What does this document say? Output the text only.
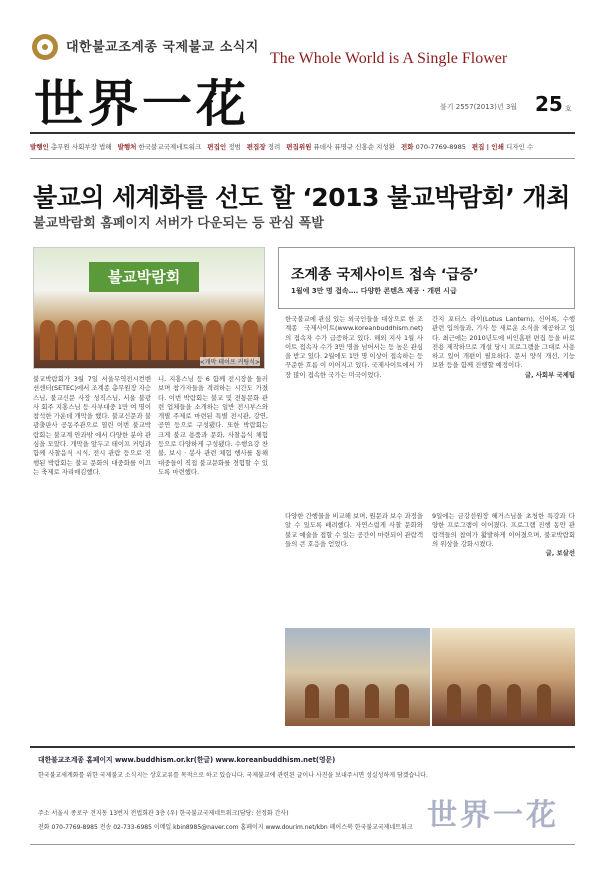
대한불교조계종 국제불교 소식지
世界一花
The Whole World is A Single Flower
불기 2557(2013)년 3월 25 호
발행인 총무원 사회부장 법해 발행처 한국불교국제네트워크 편집인 정범 편집장 정려 편집위원 퓨데사 퓨명규 신홍순 지성환 전화 070-7769-8985 편집 | 인쇄 디자인 수
불교의 세계화를 선도 할 ‘2013 불교박람회’ 개최
불교박람회 홈페이지 서버가 다운되는 등 관심 폭발
불교박람회
<개막 테이프 커팅식>
조계종 국제사이트 접속 ‘급증’
1월에 3만 명 접속…. 다양한 콘텐츠 제공 · 개편 시급

불교박람회가 3월 7일 서울무역전시컨벤션센터(SETEC)에서 조계종 총무원장 자승스님, 불교신문 사장 성직스님, 서울 불광사 회주 지홍스님 등 사부대중 1만 여 명이 참석한 가운데 개막을 했다. 불교신문과 불광출판사 공동주관으로 열린 이번 불교박람회는 불교계 안과밖 에서 다양한 분야 관심을 모았다. 개막을 앞두고 테이프 커팅과 함께 사찰음식 시식, 전시 관람 등으로 진행된 박람회는 불교 문화의 대중화를 이끄는 축제로 자리매김했다.

니, 지홍스님 등 6 함께 전시장을 둘러보며 참가자들을 격려하는 시간도 가졌다. 이번 박람회는 불교 및 전통문화 관련 업체들을 소개하는 일반 전시부스와 개별 주제로 마련된 특별 전시관, 강연, 공연 등으로 구성됐다. 또한 박람회는 크게 불교 용품과 문화, 사찰음식 체험 등으로 다양하게 구성됐다. 수행요강 찬불, 보시 · 봉사 관련 체험 행사를 통해 대중들이 직접 불교문화를 경험할 수 있도록 마련했다.

한국불교에 관심 있는 외국인들을 대상으로 한 조계종 국제사이트(www.koreanbuddhism.net)의 접속자 수가 급증하고 있다. 해외 지사 1월 사이트 접속자 수가 3만 명을 넘어서는 등 높은 관심을 받고 있다. 2월에도 1만 명 이상이 접속하는 등 꾸준한 흐름 이 이어지고 있다. 국제사이트에서 가장 많이 접속한 국가는 미국이었다.

간지 포터스 라이(Lotus Lantern), 신어록, 수행 관련 입의들과, 기사 등 새로운 소식을 제공하고 있다. 최근에는 2010년도에 비인홈편 편집 등을 바로 전용 제작하므로 개설 당시 프로그램을 그대로 사용하고 있어 개편이 필요하다. 문서 양식 개선, 기능 보완 등을 함께 진행할 예정이다.

글, 사회부 국제팀

다양한 간행물을 비교해 보며, 원문과 보수 과정을 알 수 있도록 배려했다. 자연스럽게 사찰 문화와 불교 예술을 접할 수 있는 공간이 마련되어 관람객들의 큰 호응을 얻었다.

9일에는 금강선원장 혜거스님을 초청한 특강과 다양한 프로그램이 이어졌다. 프로그램 진행 동안 관람객들의 참여가 활발하게 이어졌으며, 불교박람회의 위상을 강화시켰다.

글, 보살선

대한불교조계종 홈페이지 www.buddhism.or.kr(한글) www.koreanbuddhism.net(영문)
한국불교세계화를 위한 국제불교 소식지는 상호교류를 목적으로 하고 있습니다. 국제불교에 관련된 글이나 사진을 보내주시면 성실성하게 담겠습니다.
주소 서울시 종로구 견지동 13번지 전법회관 3층 (우) 한국불교국제네트워크(담당: 선정화 간사)
전화 070-7769-8985 전송 02-733-6985 이메일 kbin8985@naver.com 홈페이지 www.dourim.net/kbn 페이스북 한국불교국제네트워크 世界一花
